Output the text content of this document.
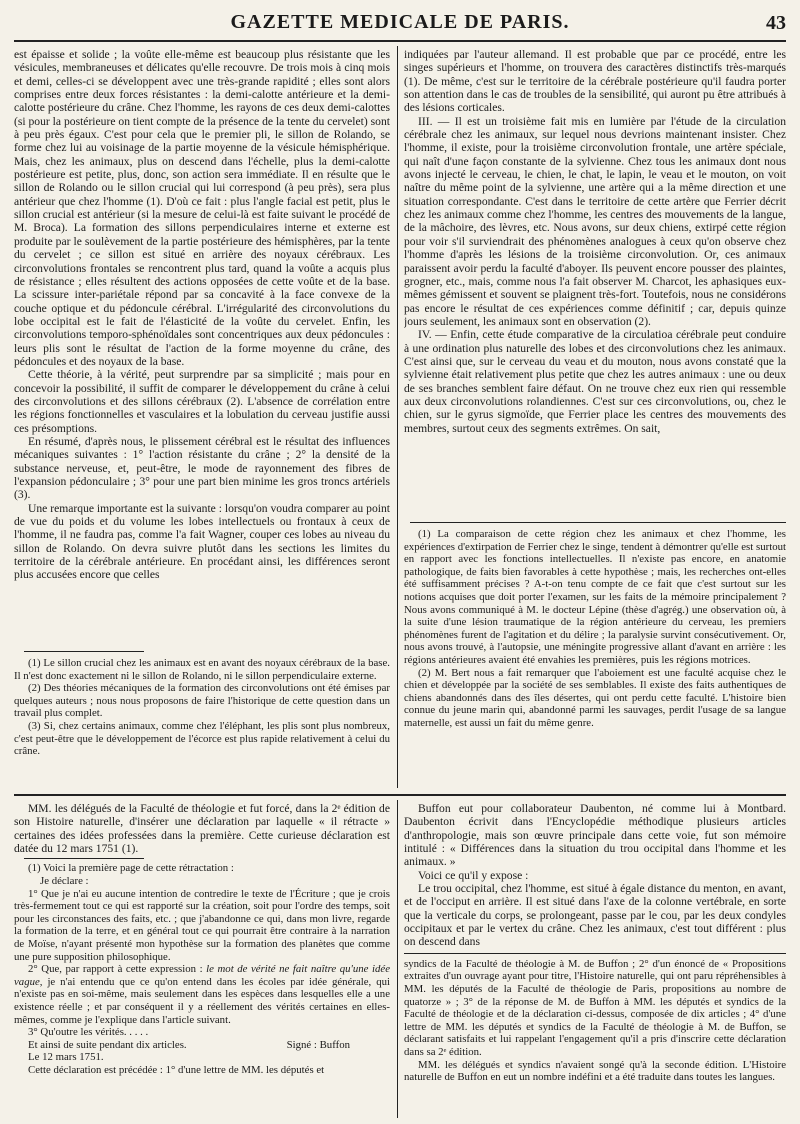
GAZETTE MEDICALE DE PARIS.	43

est épaisse et solide ; la voûte elle-même est beaucoup plus résistante que les vésicules, membraneuses et délicates qu'elle recouvre. De trois mois à cinq mois et demi, celles-ci se développent avec une très-grande rapidité ; elles sont alors comprises entre deux forces résistantes : la demi-calotte antérieure et la demi-calotte postérieure du crâne. Chez l'homme, les rayons de ces deux demi-calottes (si pour la postérieure on tient compte de la présence de la tente du cervelet) sont à peu près égaux. C'est pour cela que le premier pli, le sillon de Rolando, se forme chez lui au voisinage de la partie moyenne de la vésicule hémisphérique. Mais, chez les animaux, plus on descend dans l'échelle, plus la demi-calotte postérieure est petite, plus, donc, son action sera immédiate. Il en résulte que le sillon de Rolando ou le sillon crucial qui lui correspond (à peu près), sera plus antérieur que chez l'homme (1). D'où ce fait : plus l'angle facial est petit, plus le sillon crucial est antérieur (si la mesure de celui-là est faite suivant le procédé de M. Broca). La formation des sillons perpendiculaires interne et externe est produite par le soulèvement de la partie postérieure des hémisphères, par la tente du cervelet ; ce sillon est situé en arrière des noyaux cérébraux. Les circonvolutions frontales se rencontrent plus tard, quand la voûte a acquis plus de résistance ; elles résultent des actions opposées de cette voûte et de la base. La scissure inter-pariétale répond par sa concavité à la face convexe de la couche optique et du pédoncule cérébral. L'irrégularité des circonvolutions du lobe occipital est le fait de l'élasticité de la voûte du cervelet. Enfin, les circonvolutions temporo-sphénoïdales sont concentriques aux deux pédoncules : leurs plis sont le résultat de l'action de la forme moyenne du crâne, des pédoncules et des noyaux de la base.

Cette théorie, à la vérité, peut surprendre par sa simplicité ; mais pour en concevoir la possibilité, il suffit de comparer le développement du crâne à celui des circonvolutions et des sillons cérébraux (2). L'absence de corrélation entre les régions fonctionnelles et vasculaires et la lobulation du cerveau justifie aussi ces présomptions.

En résumé, d'après nous, le plissement cérébral est le résultat des influences mécaniques suivantes : 1° l'action résistante du crâne ; 2° la densité de la substance nerveuse, et, peut-être, le mode de rayonnement des fibres de l'expansion pédonculaire ; 3° pour une part bien minime les gros troncs artériels (3).

Une remarque importante est la suivante : lorsqu'on voudra comparer au point de vue du poids et du volume les lobes intellectuels ou frontaux à ceux de l'homme, il ne faudra pas, comme l'a fait Wagner, couper ces lobes au niveau du sillon de Rolando. On devra suivre plutôt dans les sections les limites du territoire de la cérébrale antérieure. En procédant ainsi, les différences seront plus accusées encore que celles

(1) Le sillon crucial chez les animaux est en avant des noyaux cérébraux de la base. Il n'est donc exactement ni le sillon de Rolando, ni le sillon perpendiculaire externe.

(2) Des théories mécaniques de la formation des circonvolutions ont été émises par quelques auteurs ; nous nous proposons de faire l'historique de cette question dans un travail plus complet.

(3) Si, chez certains animaux, comme chez l'éléphant, les plis sont plus nombreux, c'est peut-être que le développement de l'écorce est plus rapide relativement à celui du crâne.

indiquées par l'auteur allemand. Il est probable que par ce procédé, entre les singes supérieurs et l'homme, on trouvera des caractères distinctifs très-marqués (1). De même, c'est sur le territoire de la cérébrale postérieure qu'il faudra porter son attention dans le cas de troubles de la sensibilité, qui auront pu être attribués à des lésions corticales.

III. — Il est un troisième fait mis en lumière par l'étude de la circulation cérébrale chez les animaux, sur lequel nous devrions maintenant insister. Chez l'homme, il existe, pour la troisième circonvolution frontale, une artère spéciale, qui naît d'une façon constante de la sylvienne. Chez tous les animaux dont nous avons injecté le cerveau, le chien, le chat, le lapin, le veau et le mouton, on voit naître du même point de la sylvienne, une artère qui a la même direction et une situation correspondante. C'est dans le territoire de cette artère que Ferrier décrit chez les animaux comme chez l'homme, les centres des mouvements de la langue, de la mâchoire, des lèvres, etc. Nous avons, sur deux chiens, extirpé cette région pour voir s'il surviendrait des phénomènes analogues à ceux qu'on observe chez l'homme d'après les lésions de la troisième circonvolution. Or, ces animaux paraissent avoir perdu la faculté d'aboyer. Ils peuvent encore pousser des plaintes, grogner, etc., mais, comme nous l'a fait observer M. Charcot, les aphasiques eux-mêmes gémissent et souvent se plaignent très-fort. Toutefois, nous ne considérons pas encore le résultat de ces expériences comme définitif ; car, depuis quinze jours seulement, les animaux sont en observation (2).

IV. — Enfin, cette étude comparative de la circulatioa cérébrale peut conduire à une ordination plus naturelle des lobes et des circonvolutions chez les animaux. C'est ainsi que, sur le cerveau du veau et du mouton, nous avons constaté que la sylvienne était relativement plus petite que chez les autres animaux : une ou deux de ses branches semblent faire défaut. On ne trouve chez eux rien qui ressemble aux deux circonvolutions rolandiennes. C'est sur ces circonvolutions, ou, chez le chien, sur le gyrus sigmoïde, que Ferrier place les centres des mouvements des membres, surtout ceux des segments extrêmes. On sait,

(1) La comparaison de cette région chez les animaux et chez l'homme, les expériences d'extirpation de Ferrier chez le singe, tendent à démontrer qu'elle est surtout en rapport avec les fonctions intellectuelles. Il n'existe pas encore, en anatomie pathologique, de faits bien favorables à cette hypothèse ; mais, les recherches ont-elles été suffisamment précises ? A-t-on tenu compte de ce fait que c'est surtout sur les notions acquises que doit porter l'examen, sur les faits de la mémoire principalement ? Nous avons communiqué à M. le docteur Lépine (thèse d'agrég.) une observation où, à la suite d'une lésion traumatique de la région antérieure du cerveau, les premiers phénomènes furent de l'agitation et du délire ; la paralysie survint consécutivement. Or, nous avons trouvé, à l'autopsie, une méningite progressive allant d'avant en arrière : les régions antérieures avaient été envahies les premières, puis les régions motrices.

(2) M. Bert nous a fait remarquer que l'aboiement est une faculté acquise chez le chien et développée par la société de ses semblables. Il existe des faits authentiques de chiens abandonnés dans des îles désertes, qui ont perdu cette faculté. L'histoire bien connue du jeune marin qui, abandonné parmi les sauvages, perdit l'usage de sa langue maternelle, est aussi un fait du même genre.

MM. les délégués de la Faculté de théologie et fut forcé, dans la 2ᵉ édition de son Histoire naturelle, d'insérer une déclaration par laquelle « il rétracte » certaines des idées professées dans la première. Cette curieuse déclaration est datée du 12 mars 1751 (1).

(1) Voici la première page de cette rétractation :

Je déclare :

1° Que je n'ai eu aucune intention de contredire le texte de l'Écriture ; que je crois très-fermement tout ce qui est rapporté sur la création, soit pour l'ordre des temps, soit pour les circonstances des faits, etc. ; que j'abandonne ce qui, dans mon livre, regarde la formation de la terre, et en général tout ce qui pourrait être contraire à la narration de Moïse, n'ayant présenté mon hypothèse sur la formation des planètes que comme une pure supposition philosophique.

2° Que, par rapport à cette expression : le mot de vérité ne fait naître qu'une idée vague, je n'ai entendu que ce qu'on entend dans les écoles par idée générale, qui n'existe pas en soi-même, mais seulement dans les espèces dans lesquelles elle a une existence réelle ; et par conséquent il y a réellement des vérités certaines en elles-mêmes, comme je l'explique dans l'article suivant.

3° Qu'outre les vérités. . . . .

Et ainsi de suite pendant dix articles.	Signé : Buffon

Le 12 mars 1751.

Cette déclaration est précédée : 1° d'une lettre de MM. les députés et

Buffon eut pour collaborateur Daubenton, né comme lui à Montbard. Daubenton écrivit dans l'Encyclopédie méthodique plusieurs articles d'anthropologie, mais son œuvre principale dans cette voie, fut son mémoire intitulé : « Différences dans la situation du trou occipital dans l'homme et les animaux. »

Voici ce qu'il y expose :

Le trou occipital, chez l'homme, est situé à égale distance du menton, en avant, et de l'occiput en arrière. Il est situé dans l'axe de la colonne vertébrale, en sorte que la verticale du corps, se prolongeant, passe par le cou, par les deux condyles occipitaux et par le vertex du crâne. Chez les animaux, c'est tout différent : plus on descend dans

syndics de la Faculté de théologie à M. de Buffon ; 2° d'un énoncé de « Propositions extraites d'un ouvrage ayant pour titre, l'Histoire naturelle, qui ont paru répréhensibles à MM. les députés de la Faculté de théologie de Paris, propositions au nombre de quatorze » ; 3° de la réponse de M. de Buffon à MM. les députés et syndics de la Faculté de théologie et de la déclaration ci-dessus, composée de dix articles ; 4° d'une lettre de MM. les députés et syndics de la Faculté de théologie à M. de Buffon, se déclarant satisfaits et lui rappelant l'engagement qu'il a pris d'inscrire cette déclaration dans sa 2ᵉ édition.

MM. les délégués et syndics n'avaient songé qu'à la seconde édition. L'Histoire naturelle de Buffon en eut un nombre indéfini et a été traduite dans toutes les langues.
